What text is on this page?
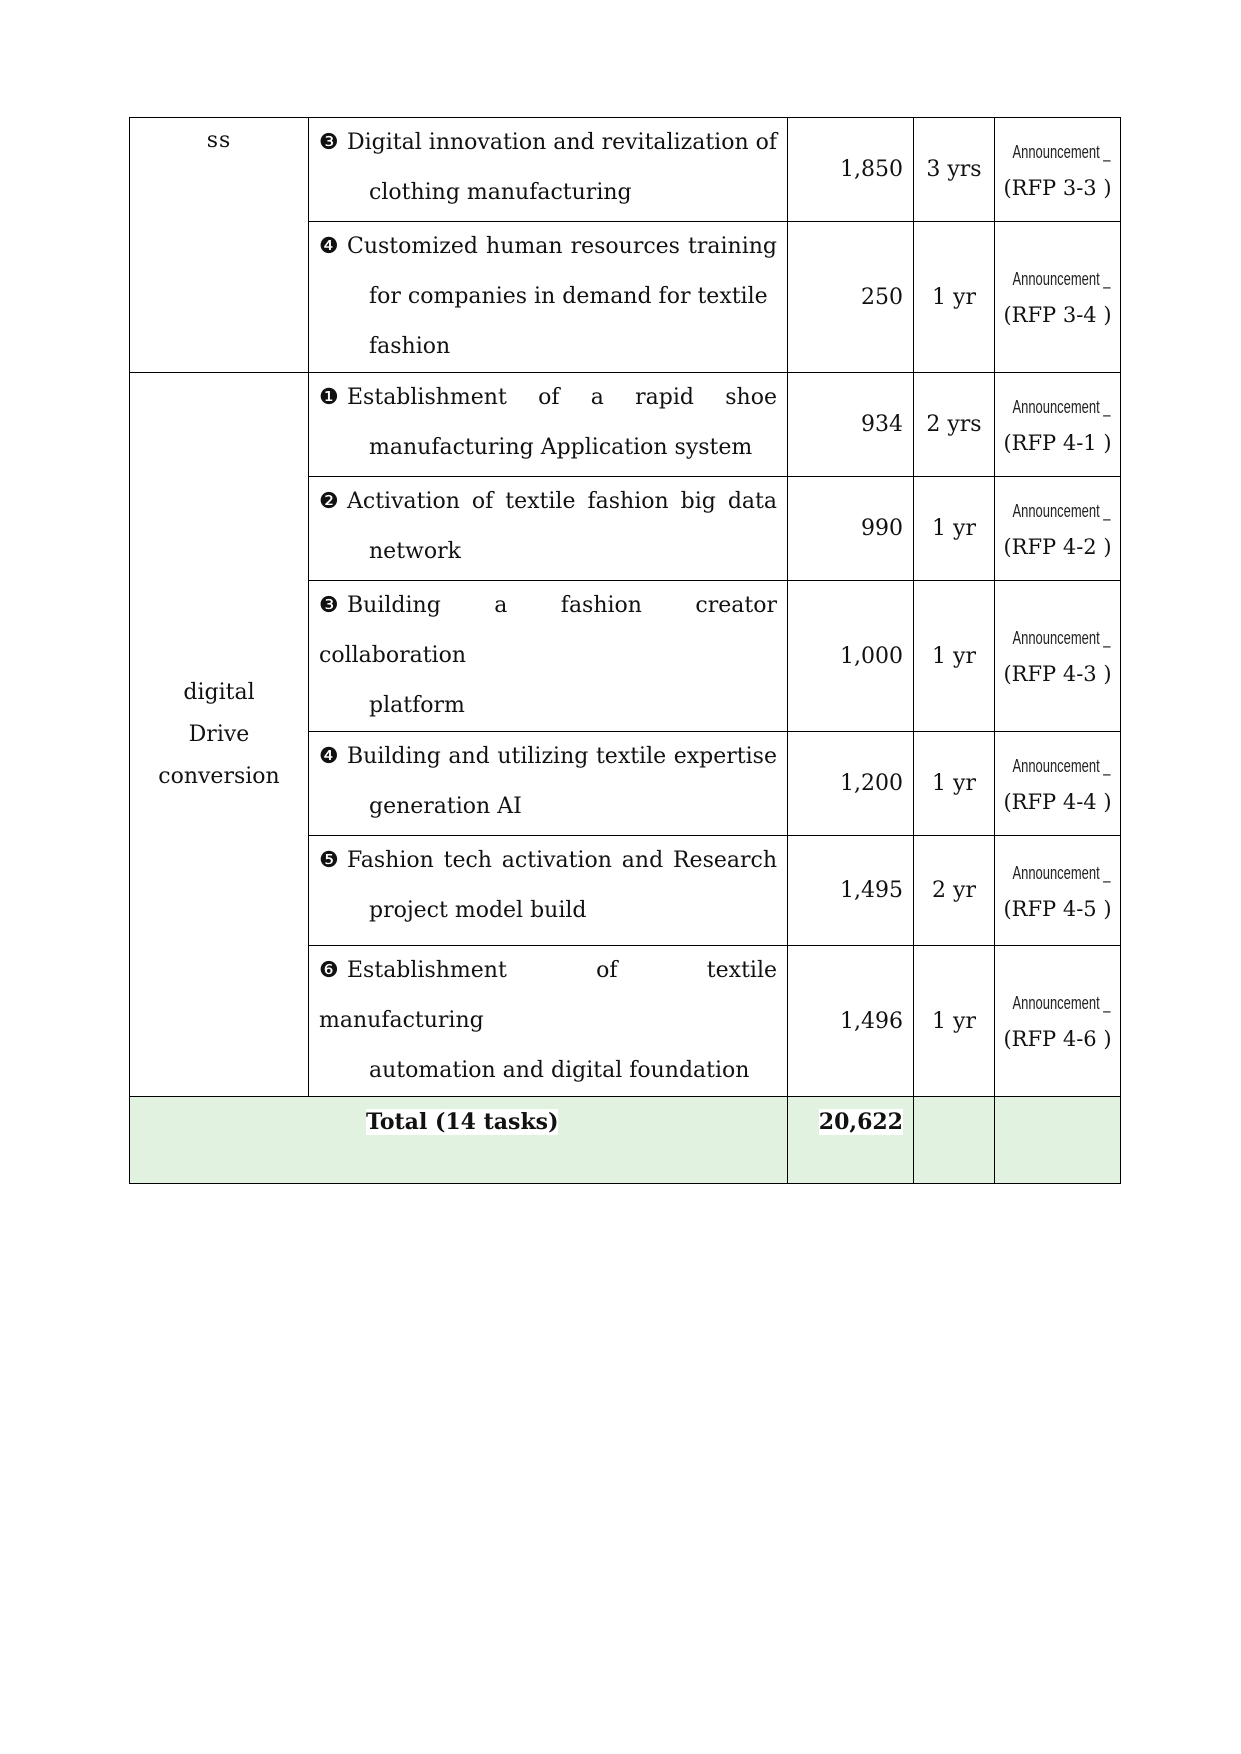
ss	❸ Digital innovation and revitalization of
clothing manufacturing	1,850	3 yrs	Announcement _
(RFP 3-3 )

	❹ Customized human resources training
for companies in demand for textile
fashion	250	1 yr	Announcement _
(RFP 3-4 )

digital
Drive
conversion	❶ Establishment of a rapid shoe
manufacturing Application system	934	2 yrs	Announcement _
(RFP 4-1 )

	❷ Activation of textile fashion big data
network	990	1 yr	Announcement _
(RFP 4-2 )

	❸ Building a fashion creator collaboration
platform	1,000	1 yr	Announcement _
(RFP 4-3 )

	❹ Building and utilizing textile expertise
generation AI	1,200	1 yr	Announcement _
(RFP 4-4 )

	❺ Fashion tech activation and Research
project model build	1,495	2 yr	Announcement _
(RFP 4-5 )

	❻ Establishment of textile manufacturing
automation and digital foundation	1,496	1 yr	Announcement _
(RFP 4-6 )

Total (14 tasks)		20,622		
